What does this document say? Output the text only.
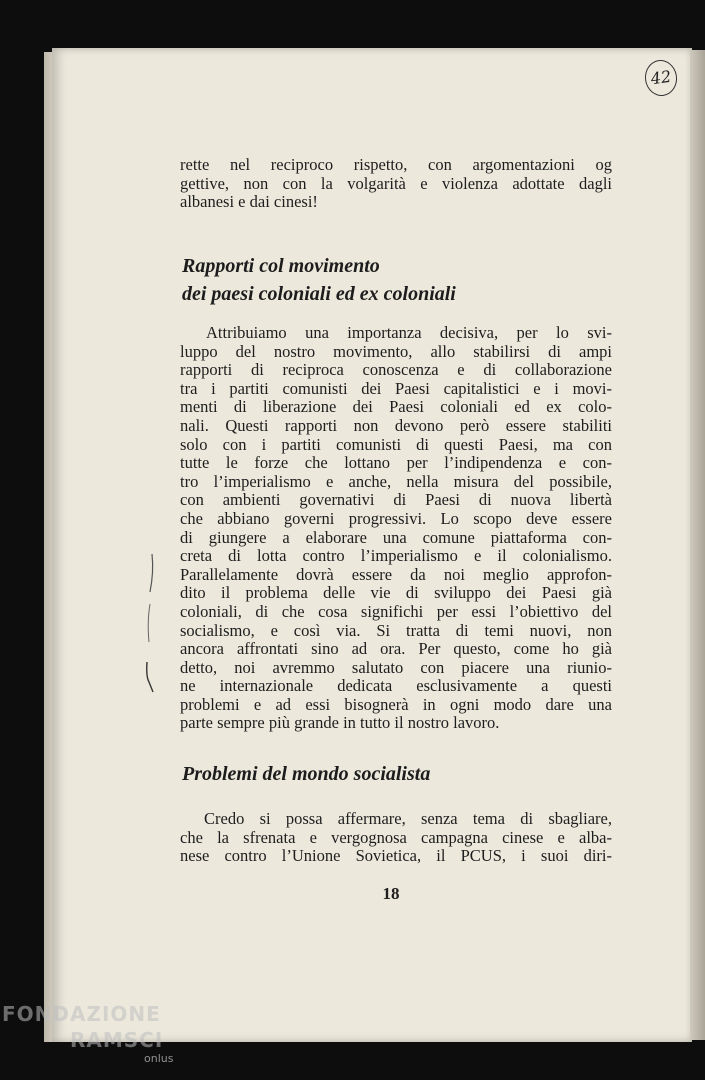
42
rette nel reciproco rispetto, con argomentazioni og
gettive, non con la volgarità e violenza adottate dagli
albanesi e dai cinesi!
Rapporti col movimento
dei paesi coloniali ed ex coloniali
Attribuiamo una importanza decisiva, per lo svi-
luppo del nostro movimento, allo stabilirsi di ampi
rapporti di reciproca conoscenza e di collaborazione
tra i partiti comunisti dei Paesi capitalistici e i movi-
menti di liberazione dei Paesi coloniali ed ex colo-
nali. Questi rapporti non devono però essere stabiliti
solo con i partiti comunisti di questi Paesi, ma con
tutte le forze che lottano per l’indipendenza e con-
tro l’imperialismo e anche, nella misura del possibile,
con ambienti governativi di Paesi di nuova libertà
che abbiano governi progressivi. Lo scopo deve essere
di giungere a elaborare una comune piattaforma con-
creta di lotta contro l’imperialismo e il colonialismo.
Parallelamente dovrà essere da noi meglio approfon-
dito il problema delle vie di sviluppo dei Paesi già
coloniali, di che cosa significhi per essi l’obiettivo del
socialismo, e così via. Si tratta di temi nuovi, non
ancora affrontati sino ad ora. Per questo, come ho già
detto, noi avremmo salutato con piacere una riunio-
ne internazionale dedicata esclusivamente a questi
problemi e ad essi bisognerà in ogni modo dare una
parte sempre più grande in tutto il nostro lavoro.
Problemi del mondo socialista
Credo si possa affermare, senza tema di sbagliare,
che la sfrenata e vergognosa campagna cinese e alba-
nese contro l’Unione Sovietica, il PCUS, i suoi diri-
18
FONDAZIONE
RAMSCI
onlus
